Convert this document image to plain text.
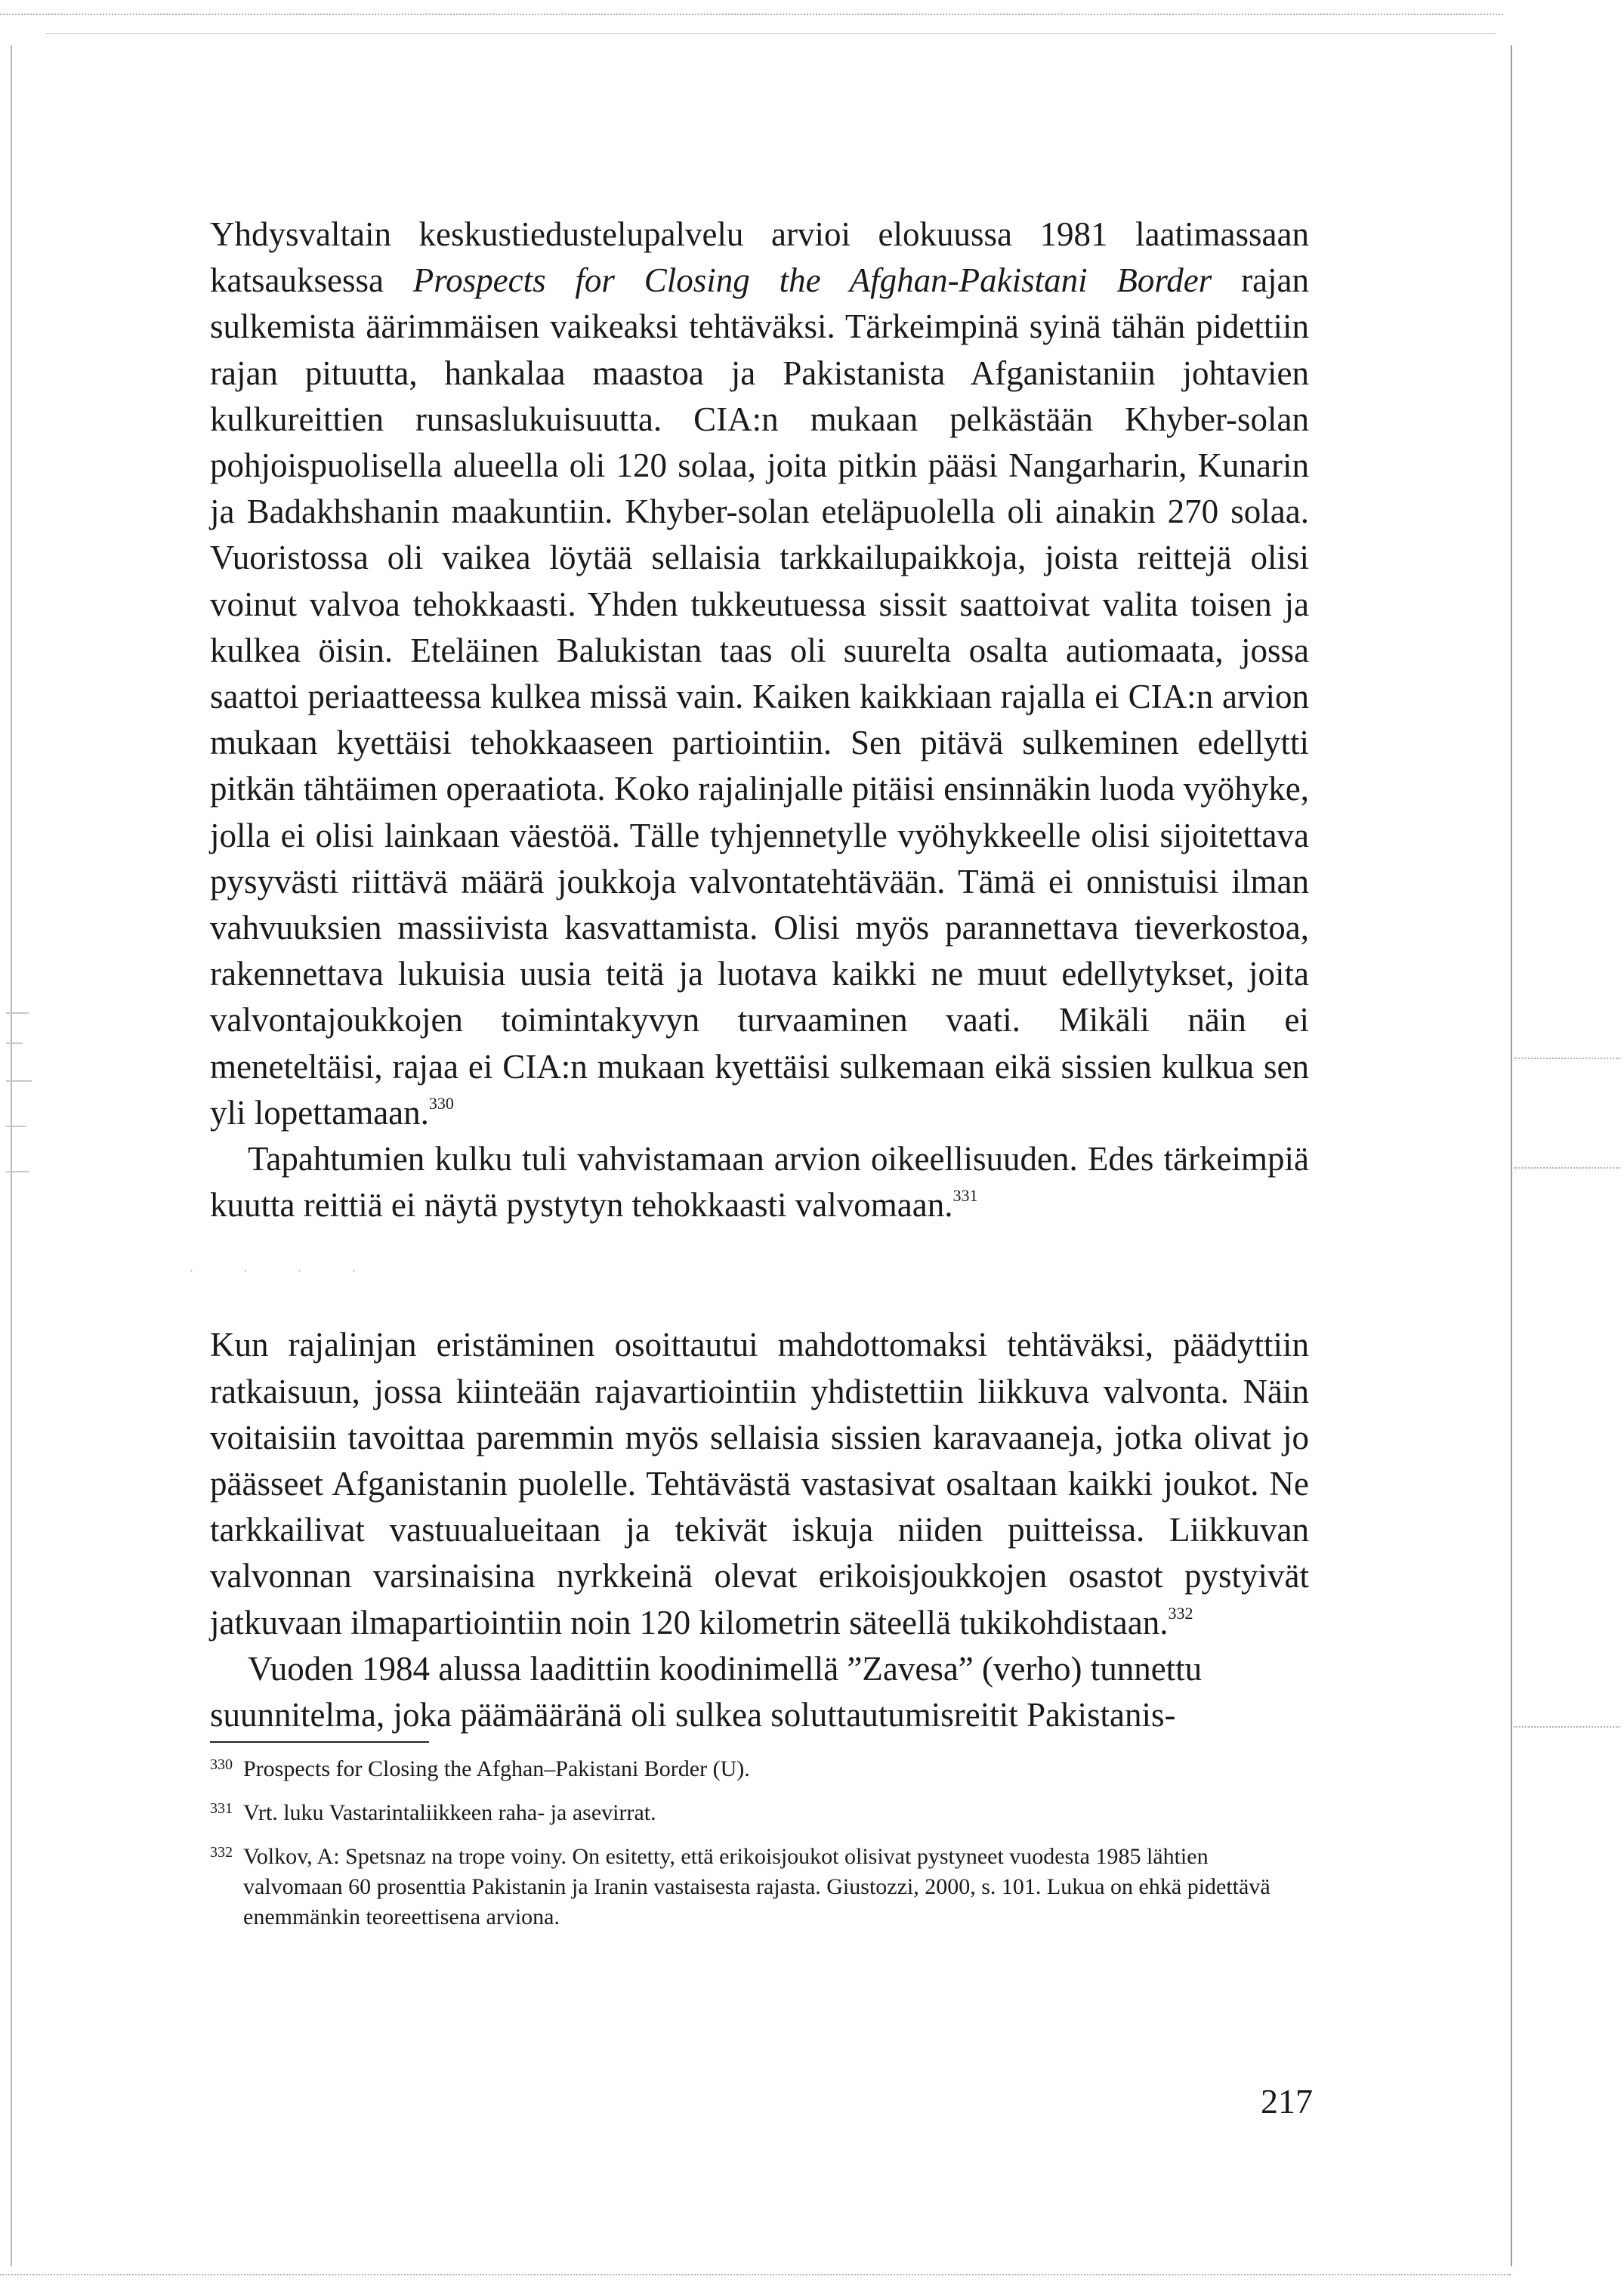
· · · ·

Yhdysvaltain keskustiedustelupalvelu arvioi elokuussa 1981 laatimassaan katsauksessa Prospects for Closing the Afghan-Pakistani Border rajan sulkemista äärimmäisen vaikeaksi tehtäväksi. Tärkeimpinä syinä tähän pidettiin rajan pituutta, hankalaa maastoa ja Pakistanista Afganistaniin johtavien kulkureittien runsaslukuisuutta. CIA:n mukaan pelkästään Khyber-solan pohjoispuolisella alueella oli 120 solaa, joita pitkin pääsi Nangarharin, Kunarin ja Badakhshanin maakuntiin. Khyber-solan eteläpuolella oli ainakin 270 solaa. Vuoristossa oli vaikea löytää sellaisia tarkkailupaikkoja, joista reittejä olisi voinut valvoa tehokkaasti. Yhden tukkeutuessa sissit saattoivat valita toisen ja kulkea öisin. Eteläinen Balukistan taas oli suurelta osalta autiomaata, jossa saattoi periaatteessa kulkea missä vain. Kaiken kaikkiaan rajalla ei CIA:n arvion mukaan kyettäisi tehokkaaseen partiointiin. Sen pitävä sulkeminen edellytti pitkän tähtäimen operaatiota. Koko rajalinjalle pitäisi ensinnäkin luoda vyöhyke, jolla ei olisi lainkaan väestöä. Tälle tyhjennetylle vyöhykkeelle olisi sijoitettava pysyvästi riittävä määrä joukkoja valvontatehtävään. Tämä ei onnistuisi ilman vahvuuksien massiivista kasvattamista. Olisi myös parannettava tieverkostoa, rakennettava lukuisia uusia teitä ja luotava kaikki ne muut edellytykset, joita valvontajoukkojen toimintakyvyn turvaaminen vaati. Mikäli näin ei meneteltäisi, rajaa ei CIA:n mukaan kyettäisi sulkemaan eikä sissien kulkua sen yli lopettamaan.$^{330}$

Tapahtumien kulku tuli vahvistamaan arvion oikeellisuuden. Edes tärkeimpiä kuutta reittiä ei näytä pystytyn tehokkaasti valvomaan.$^{331}$

Kun rajalinjan eristäminen osoittautui mahdottomaksi tehtäväksi, päädyttiin ratkaisuun, jossa kiinteään rajavartiointiin yhdistettiin liikkuva valvonta. Näin voitaisiin tavoittaa paremmin myös sellaisia sissien karavaaneja, jotka olivat jo päässeet Afganistanin puolelle. Tehtävästä vastasivat osaltaan kaikki joukot. Ne tarkkailivat vastuualueitaan ja tekivät iskuja niiden puitteissa. Liikkuvan valvonnan varsinaisina nyrkkeinä olevat erikoisjoukkojen osastot pystyivät jatkuvaan ilmapartiointiin noin 120 kilometrin säteellä tukikohdistaan.$^{332}$

Vuoden 1984 alussa laadittiin koodinimellä ”Zavesa” (verho) tunnettu suunnitelma, joka päämääränä oli sulkea soluttautumisreitit Pakistanis-

330 Prospects for Closing the Afghan–Pakistani Border (U).
331 Vrt. luku Vastarintaliikkeen raha- ja asevirrat.
332 Volkov, A: Spetsnaz na trope voiny. On esitetty, että erikoisjoukot olisivat pystyneet vuodesta 1985 lähtien valvomaan 60 prosenttia Pakistanin ja Iranin vastaisesta rajasta. Giustozzi, 2000, s. 101. Lukua on ehkä pidettävä enemmänkin teoreettisena arviona.
217
